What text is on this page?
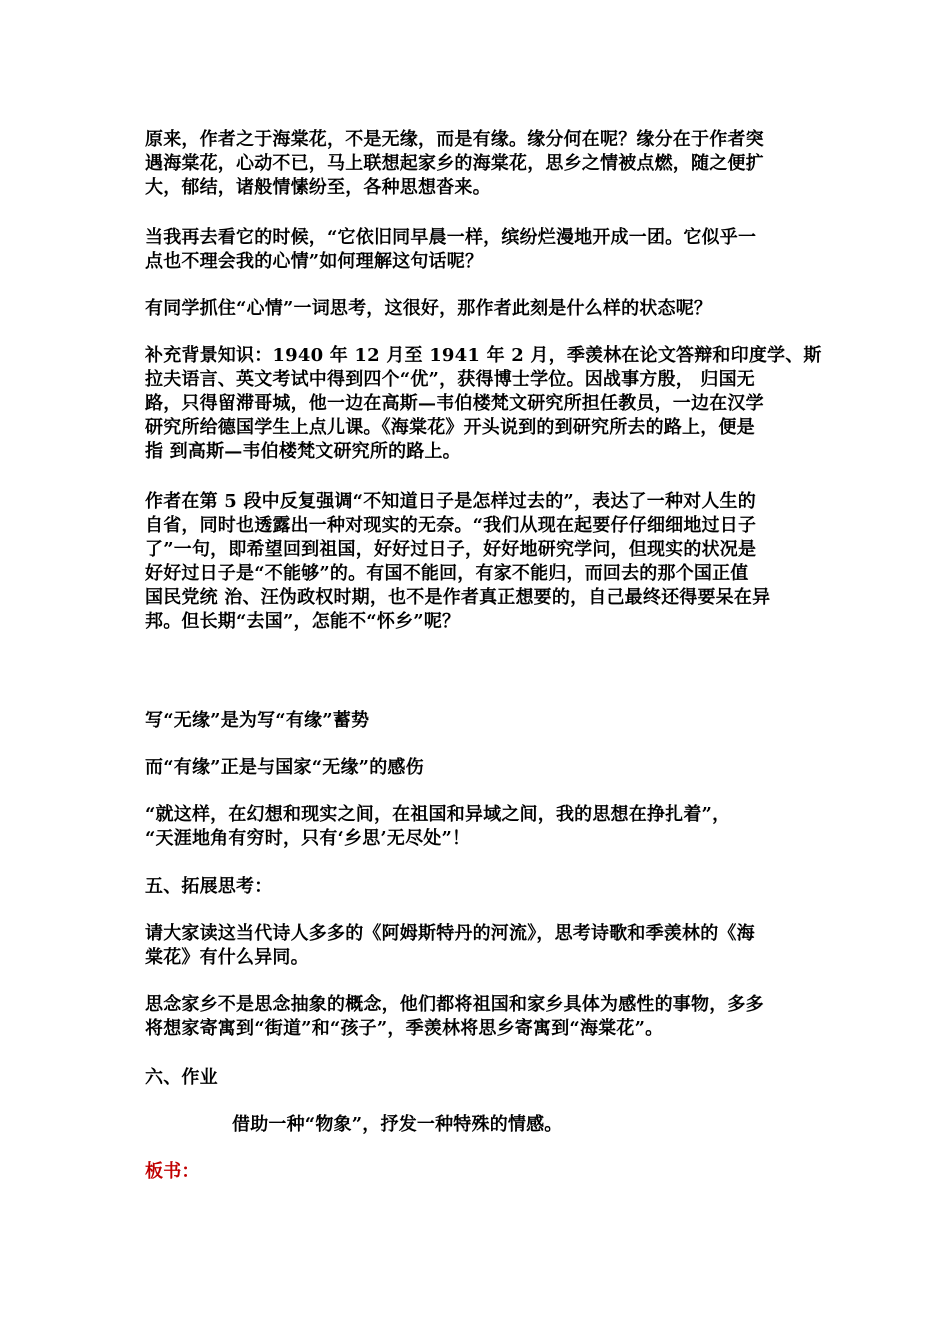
原来，作者之于海棠花，不是无缘，而是有缘。缘分何在呢？缘分在于作者突
遇海棠花，心动不已，马上联想起家乡的海棠花，思乡之情被点燃，随之便扩
大，郁结，诸般情愫纷至，各种思想沓来。

当我再去看它的时候，“它依旧同早晨一样，缤纷烂漫地开成一团。它似乎一
点也不理会我的心情”如何理解这句话呢？

有同学抓住“心情”一词思考，这很好，那作者此刻是什么样的状态呢？

补充背景知识：1940 年 12 月至 1941 年 2 月，季羡林在论文答辩和印度学、斯
拉夫语言、英文考试中得到四个“优”，获得博士学位。因战事方殷， 归国无
路，只得留滞哥城，他一边在高斯—韦伯楼梵文研究所担任教员，一边在汉学
研究所给德国学生上点儿课。《海棠花》开头说到的到研究所去的路上，便是
指 到高斯—韦伯楼梵文研究所的路上。

作者在第 5 段中反复强调“不知道日子是怎样过去的”，表达了一种对人生的
自省，同时也透露出一种对现实的无奈。“我们从现在起要仔仔细细地过日子
了”一句，即希望回到祖国，好好过日子，好好地研究学问，但现实的状况是
好好过日子是“不能够”的。有国不能回，有家不能归，而回去的那个国正值
国民党统 治、汪伪政权时期，也不是作者真正想要的，自己最终还得要呆在异
邦。但长期“去国”，怎能不“怀乡”呢？

写“无缘”是为写“有缘”蓄势

而“有缘”正是与国家“无缘”的感伤

“就这样，在幻想和现实之间，在祖国和异域之间，我的思想在挣扎着”，
“天涯地角有穷时，只有‘乡思’无尽处”！

五、拓展思考：

请大家读这当代诗人多多的《阿姆斯特丹的河流》，思考诗歌和季羡林的《海
棠花》有什么异同。

思念家乡不是思念抽象的概念，他们都将祖国和家乡具体为感性的事物，多多
将想家寄寓到“街道”和“孩子”，季羡林将思乡寄寓到“海棠花”。

六、作业

借助一种“物象”，抒发一种特殊的情感。

板书：
